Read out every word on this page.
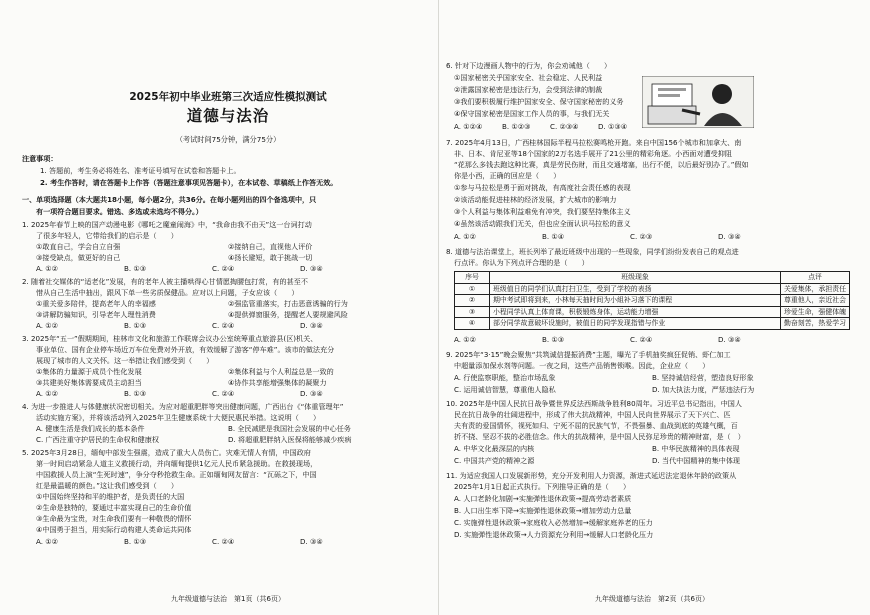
2025年初中毕业班第三次适应性模拟测试
道德与法治
（考试时间75分钟，满分75分）
注意事项：
1. 答题前，考生务必将姓名、准考证号填写在试卷和答题卡上。
2. 考生作答时，请在答题卡上作答（答题注意事项见答题卡），在本试卷、草稿纸上作答无效。
一、单项选择题（本大题共18小题，每小题2分，共36分。在每小题列出的四个备选项中，只
有一项符合题目要求。错选、多选或未选均不得分。）
1. 2025年春节上映的国产动漫电影《哪吒之魔童闹海》中，“我命由我不由天”这一台词打动
了很多年轻人，它带给我们的启示是（　　）
①敢直自己，学会自立自强	②接纳自己，直视他人评价
③接受缺点，做更好的自己	④扬长避短，敢于挑战一切
A. ①②	B. ①③	C. ②④	D. ③④
2. 随着社交媒体的“适老化”发展，有的老年人被主播哄得心甘情愿掏腰包打赏，有的甚至不
惜从自己生活中抽出，跟风下单一些劣质保健品。应对以上问题，子女应该（　　）
①重关爱多陪伴，提高老年人的幸福感	②强监管重落实，打击恶意诱骗的行为
③讲解防骗知识，引导老年人理性消费	④提供弹窗服务，提醒老人要规避风险
A. ①②	B. ①③	C. ②④	D. ③④
3. 2025年“五一”假期期间，桂林市文化和旅游工作联席会议办公室统筹重点旅游县(区)机关、
事业单位、国有企业停车场近万车位免费对外开放，有效缓解了游客“停车难”。该市的做法充分
展现了城市的人文关怀。这一举措让我们感受到（　　）
①集体的力量源于成员个性化发展	②集体利益与个人利益总是一致的
③共建美好集体需要成员主动担当	④协作共享能增强集体的凝聚力
A. ①②	B. ①③	C. ②④	D. ③④
4. 为进一步推进人与体健康状况密切相关。为应对超重肥胖等突出健康问题，广西出台《“体重管理年”
活动实施方案》，并将该活动列入2025年卫生健康系统十大便民惠民举措。这说明（　　）
A. 健康生活是我们成长的基本条件	B. 全民减肥是我国社会发展的中心任务
C. 广西注重守护居民的生命权和健康权	D. 将超重肥胖纳入医保将能够减少疾病
5. 2025年3月28日，缅甸中部发生强震，造成了重大人员伤亡。灾难无情人有情，中国政府
第一时间启动紧急人道主义救援行动，并向缅甸提供1亿元人民币紧急援助。在救援现场，
中国救援人员上演“生死时速”，争分夺秒抢救生命。正如缅甸网友留言：“瓦砾之下，中国
红是最温暖的颜色。”这让我们感受到（　　）
①中国始终坚持和平的维护者，是负责任的大国
②生命是独特的，要通过丰富实现自己的生命价值
③生命最为宝贵，对生命我们要有一种敬畏的情怀
④中国勇于担当，用实际行动构建人类命运共同体
A. ①②	B. ①③	C. ②④	D. ③④
九年级道德与法治　第1页（共6页）
6. 针对下边漫画人物中的行为，你会劝诫他（　　）
①国家秘密关乎国家安全、社会稳定、人民利益
②泄露国家秘密是违法行为，会受到法律的制裁
③我们要积极履行维护国家安全、保守国家秘密的义务
④保守国家秘密是国家工作人员的事，与我们无关
A. ①②④	B. ①②③	C. ②③④	D. ①③④
7. 2025年4月13日，广西桂林国际半程马拉松赛鸣枪开跑。来自中国156个城市和加拿大、南
非、日本、肯尼亚等18个国家的2万名选手展开了21公里的精彩角逐。小西面对遭受抑阻
“花那么多钱去跑这种比赛，真是劳民伤财，而且交通堵塞，出行不便，以后最好别办了。”假如
你是小西，正确的回应是（　　）
①参与马拉松是勇于面对挑战，有高度社会责任感的表现
②该活动能促进桂林的经济发展，扩大城市的影响力
③个人利益与集体利益难免有冲突，我们要坚持集体主义
④虽然该活动跟我们无关，但也应全面认识马拉松的意义
A. ①②	B. ①④	C. ②③	D. ③④
8. 道德与法治课堂上，班长列举了最近班级中出现的一些现象，同学们纷纷发表自己的观点进
行点评。你认为下列点评合理的是（　　）
序号	班级现象	点评
①	班级值日的同学们认真打扫卫生，受到了学校的表扬	关爱集体，承担责任
②	期中考试即将到来，小林每天抽时间为小組补习落下的课程	尊重他人，亲近社会
③	小程同学认真上体育课，积极锻炼身体，运动能力增强	珍爱生命，强健体魄
④	部分同学故意破坏设施时，被值日的同学发现指错与作业	勤奋刻苦，热爱学习
A. ①②	B. ①③	C. ②④	D. ③④
9. 2025年“3·15”晚会聚焦“共筑诚信提振消费”主题，曝光了手机抽奖疯狂促销、虾仁加工
中超量添加保水剂等问题。一夜之间，这些产品销售锁喉。因此，企业应（　　）
A. 行使监察职能，整治市场乱象	B. 坚持诚信经营，塑造良好形象
C. 运用诚信智慧，尊重他人隐私	D. 加大执法力度，严惩违法行为
10. 2025年是中国人民抗日战争暨世界反法西斯战争胜利80周年。习近平总书记指出，中国人
民在抗日战争的壮阔进程中，形成了伟大抗战精神，中国人民向世界展示了天下兴亡、匹
夫有责的爱国情怀，视死如归、宁死不屈的民族气节，不畏强暴、血战到底的英雄气概，百
折不挠、坚忍不拔的必胜信念。伟大的抗战精神，是中国人民弥足珍贵的精神财富，是（　）
A. 中华文化最深层的内核	B. 中华民族精神的具体表现
C. 中国共产党的精神之源	D. 当代中国精神的集中体现
11. 为适应我国人口发展新形势，充分开发利用人力资源，渐进式延迟法定退休年龄的政策从
2025年1月1日起正式执行。下列推导正确的是（　　）
A. 人口老龄化加剧→实施弹性退休政策→提高劳动者素质
B. 人口出生率下降→实施弹性退休政策→增加劳动力总量
C. 实施弹性退休政策→家庭收入必然增加→缓解家庭养老的压力
D. 实施弹性退休政策→人力资源充分利用→缓解人口老龄化压力
九年级道德与法治　第2页（共6页）
